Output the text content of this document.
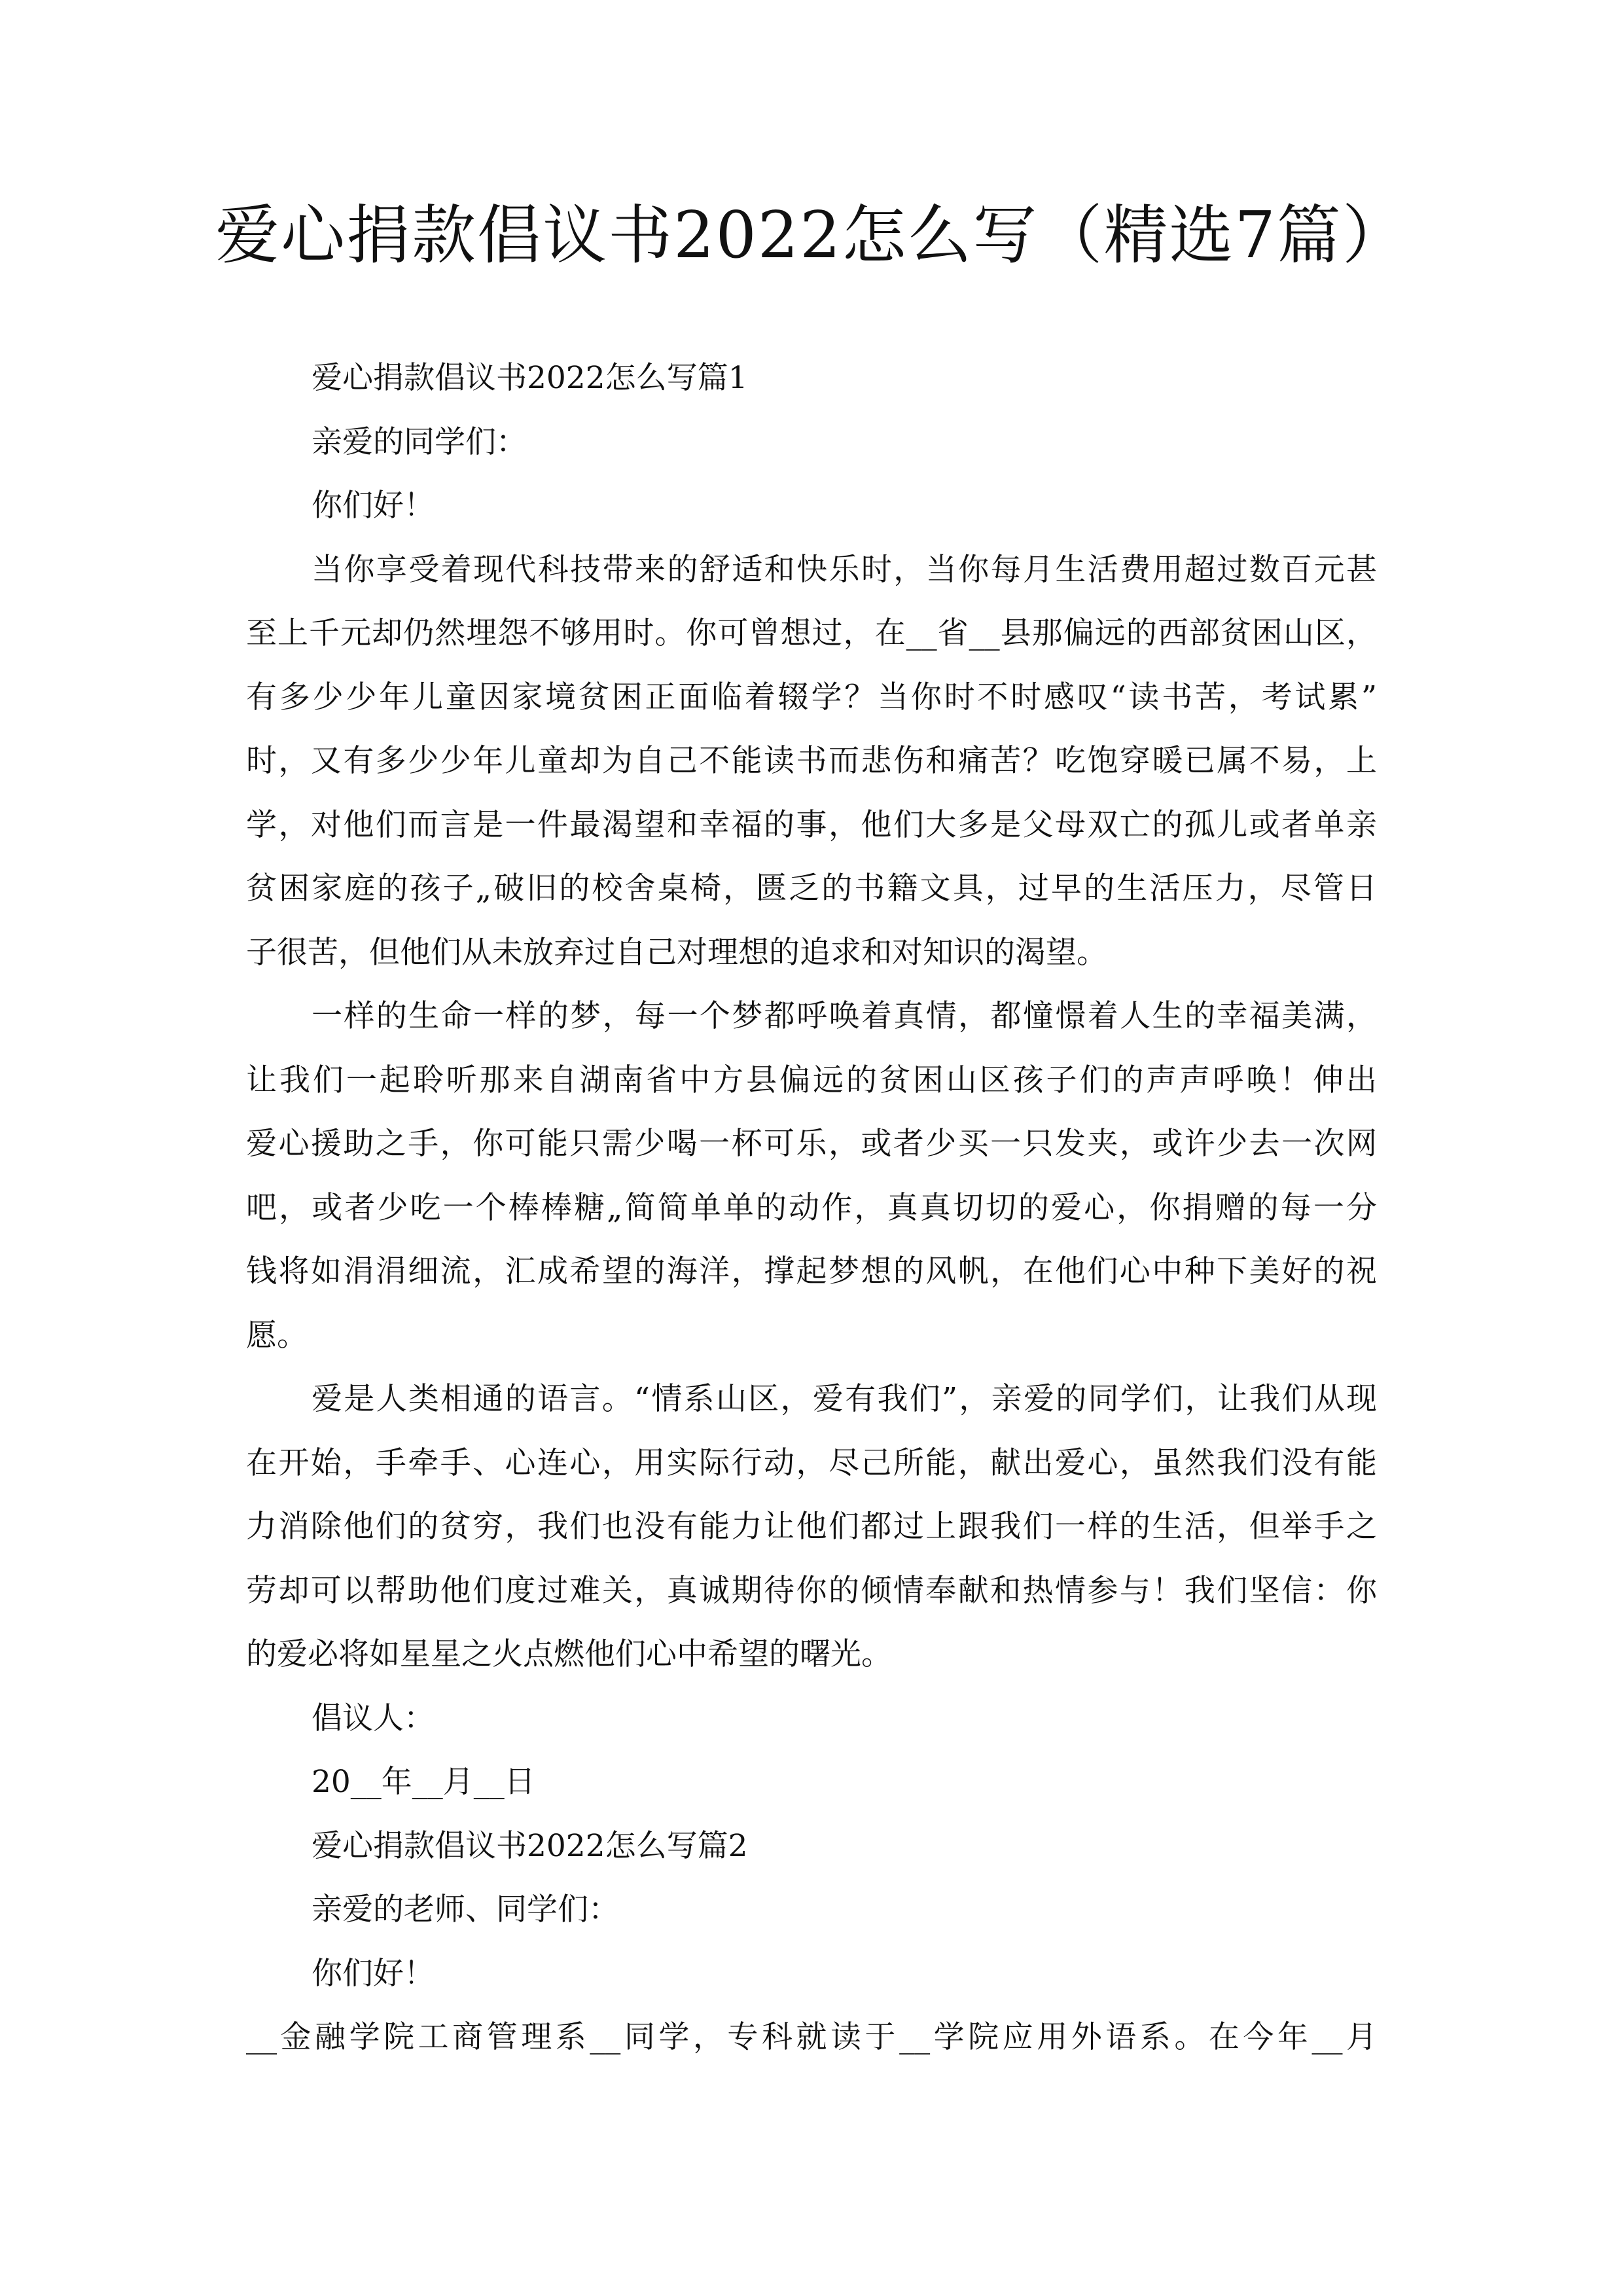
爱心捐款倡议书2022怎么写（精选7篇）
爱心捐款倡议书2022怎么写篇1
亲爱的同学们：
你们好！
当你享受着现代科技带来的舒适和快乐时，当你每月生活费用超过数百元甚
至上千元却仍然埋怨不够用时。你可曾想过，在__省__县那偏远的西部贫困山区，
有多少少年儿童因家境贫困正面临着辍学？当你时不时感叹“读书苦，考试累”
时，又有多少少年儿童却为自己不能读书而悲伤和痛苦？吃饱穿暖已属不易，上
学，对他们而言是一件最渴望和幸福的事，他们大多是父母双亡的孤儿或者单亲
贫困家庭的孩子„破旧的校舍桌椅，匮乏的书籍文具，过早的生活压力，尽管日
子很苦，但他们从未放弃过自己对理想的追求和对知识的渴望。
一样的生命一样的梦，每一个梦都呼唤着真情，都憧憬着人生的幸福美满，
让我们一起聆听那来自湖南省中方县偏远的贫困山区孩子们的声声呼唤！伸出
爱心援助之手，你可能只需少喝一杯可乐，或者少买一只发夹，或许少去一次网
吧，或者少吃一个棒棒糖„简简单单的动作，真真切切的爱心，你捐赠的每一分
钱将如涓涓细流，汇成希望的海洋，撑起梦想的风帆，在他们心中种下美好的祝
愿。
爱是人类相通的语言。“情系山区，爱有我们”，亲爱的同学们，让我们从现
在开始，手牵手、心连心，用实际行动，尽己所能，献出爱心，虽然我们没有能
力消除他们的贫穷，我们也没有能力让他们都过上跟我们一样的生活，但举手之
劳却可以帮助他们度过难关，真诚期待你的倾情奉献和热情参与！我们坚信：你
的爱必将如星星之火点燃他们心中希望的曙光。
倡议人：
20__年__月__日
爱心捐款倡议书2022怎么写篇2
亲爱的老师、同学们：
你们好！
__金融学院工商管理系__同学，专科就读于__学院应用外语系。在今年__月
